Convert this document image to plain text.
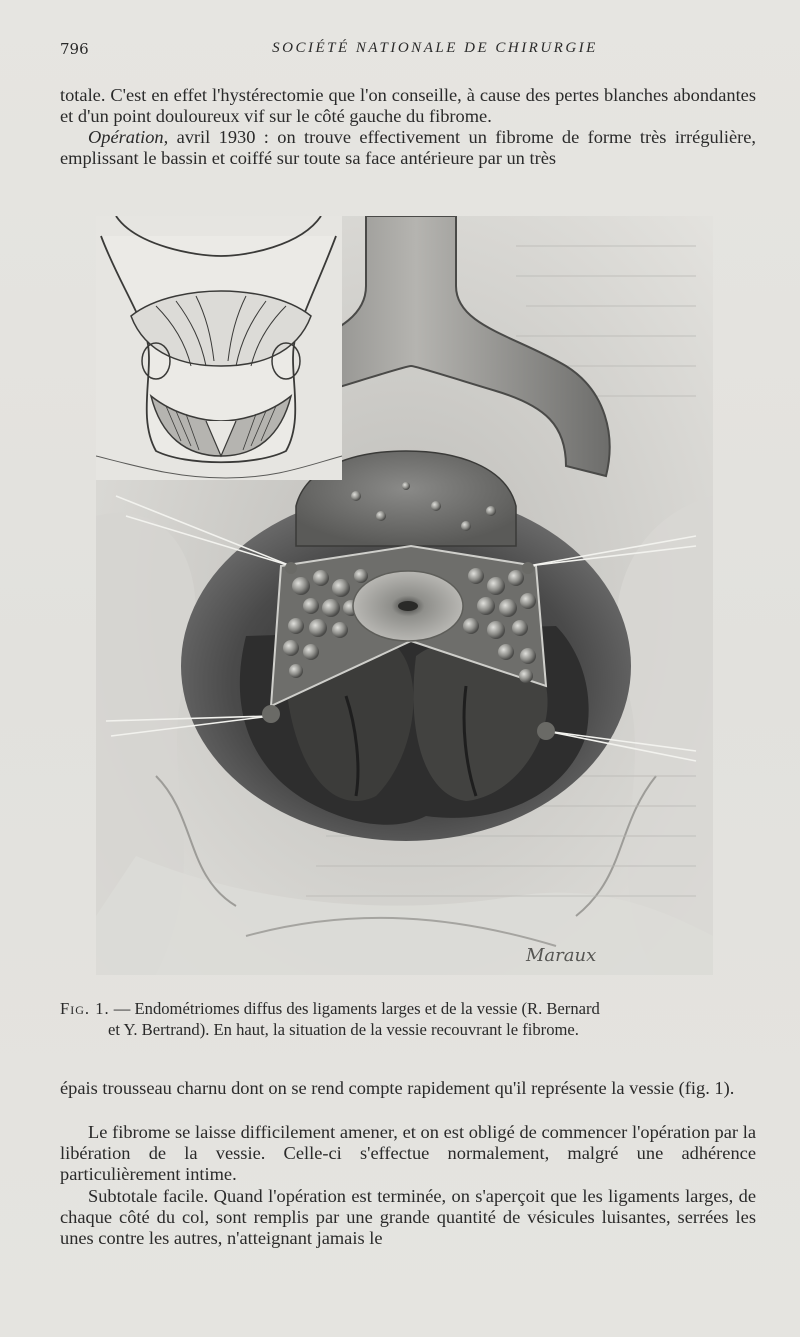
796	SOCIÉTÉ NATIONALE DE CHIRURGIE

totale. C'est en effet l'hystérectomie que l'on conseille, à cause des pertes blanches abondantes et d'un point douloureux vif sur le côté gauche du fibrome.

Opération, avril 1930 : on trouve effectivement un fibrome de forme très irrégulière, emplissant le bassin et coiffé sur toute sa face antérieure par un très

Maraux

Fig. 1. — Endométriomes diffus des ligaments larges et de la vessie (R. Bernard
et Y. Bertrand). En haut, la situation de la vessie recouvrant le fibrome.

épais trousseau charnu dont on se rend compte rapidement qu'il représente la vessie (fig. 1).

Le fibrome se laisse difficilement amener, et on est obligé de commencer l'opération par la libération de la vessie. Celle-ci s'effectue normalement, malgré une adhérence particulièrement intime.

Subtotale facile. Quand l'opération est terminée, on s'aperçoit que les ligaments larges, de chaque côté du col, sont remplis par une grande quantité de vésicules luisantes, serrées les unes contre les autres, n'atteignant jamais le
